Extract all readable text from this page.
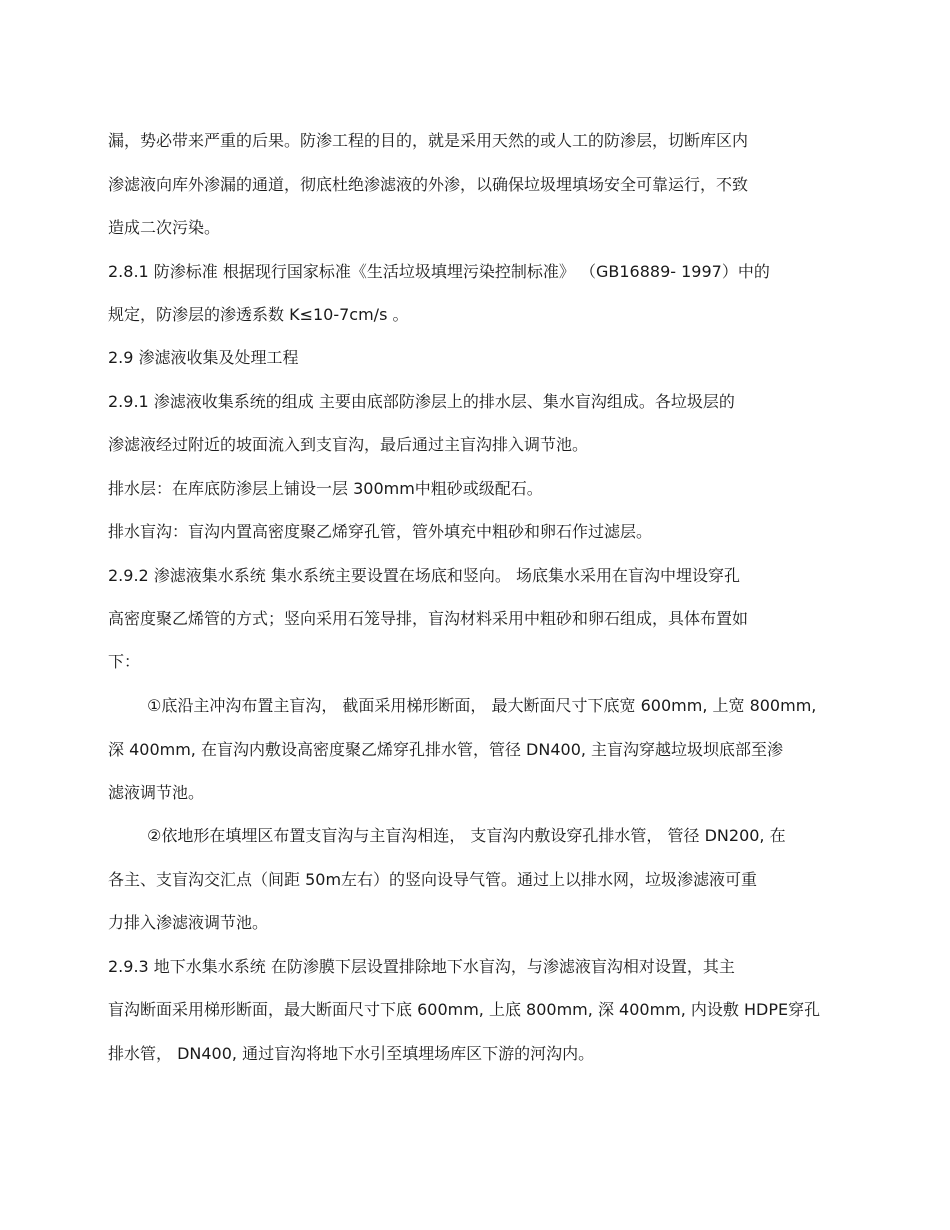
漏，势必带来严重的后果。防渗工程的目的，就是采用天然的或人工的防渗层，切断库区内
渗滤液向库外渗漏的通道，彻底杜绝渗滤液的外渗，以确保垃圾埋填场安全可靠运行，不致
造成二次污染。
2.8.1 防渗标准 根据现行国家标准《生活垃圾填埋污染控制标准》 （GB16889- 1997）中的
规定，防渗层的渗透系数 K≤10-7cm/s 。
2.9 渗滤液收集及处理工程
2.9.1 渗滤液收集系统的组成 主要由底部防渗层上的排水层、集水盲沟组成。各垃圾层的
渗滤液经过附近的坡面流入到支盲沟，最后通过主盲沟排入调节池。
排水层：在库底防渗层上铺设一层 300mm中粗砂或级配石。
排水盲沟：盲沟内置高密度聚乙烯穿孔管，管外填充中粗砂和卵石作过滤层。
2.9.2 渗滤液集水系统 集水系统主要设置在场底和竖向。 场底集水采用在盲沟中埋设穿孔
高密度聚乙烯管的方式；竖向采用石笼导排，盲沟材料采用中粗砂和卵石组成，具体布置如
下：
①底沿主冲沟布置主盲沟， 截面采用梯形断面， 最大断面尺寸下底宽 600mm, 上宽 800mm,
深 400mm, 在盲沟内敷设高密度聚乙烯穿孔排水管，管径 DN400, 主盲沟穿越垃圾坝底部至渗
滤液调节池。
②依地形在填埋区布置支盲沟与主盲沟相连， 支盲沟内敷设穿孔排水管， 管径 DN200, 在
各主、支盲沟交汇点（间距 50m左右）的竖向设导气管。通过上以排水网，垃圾渗滤液可重
力排入渗滤液调节池。
2.9.3 地下水集水系统 在防渗膜下层设置排除地下水盲沟，与渗滤液盲沟相对设置，其主
盲沟断面采用梯形断面，最大断面尺寸下底 600mm, 上底 800mm, 深 400mm, 内设敷 HDPE穿孔
排水管， DN400, 通过盲沟将地下水引至填埋场库区下游的河沟内。
